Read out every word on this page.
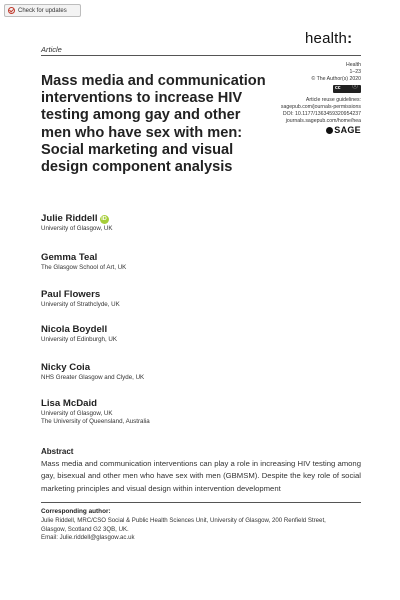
Check for updates
Article
health:
Health
1–23
© The Author(s) 2020
cc ⓘ
Article reuse guidelines:
sagepub.com/journals-permissions
DOI: 10.1177/1363459320954237
journals.sagepub.com/home/hea
SAGE
Mass media and communication interventions to increase HIV testing among gay and other men who have sex with men: Social marketing and visual design component analysis
Julie Riddell iD
University of Glasgow, UK
Gemma Teal
The Glasgow School of Art, UK
Paul Flowers
University of Strathclyde, UK
Nicola Boydell
University of Edinburgh, UK
Nicky Coia
NHS Greater Glasgow and Clyde, UK
Lisa McDaid
University of Glasgow, UK
The University of Queensland, Australia
Abstract

Mass media and communication interventions can play a role in increasing HIV testing among gay, bisexual and other men who have sex with men (GBMSM). Despite the key role of social marketing principles and visual design within intervention development

Corresponding author:
Julie Riddell, MRC/CSO Social & Public Health Sciences Unit, University of Glasgow, 200 Renfield Street,
Glasgow, Scotland G2 3QB, UK.
Email: Julie.riddell@glasgow.ac.uk
